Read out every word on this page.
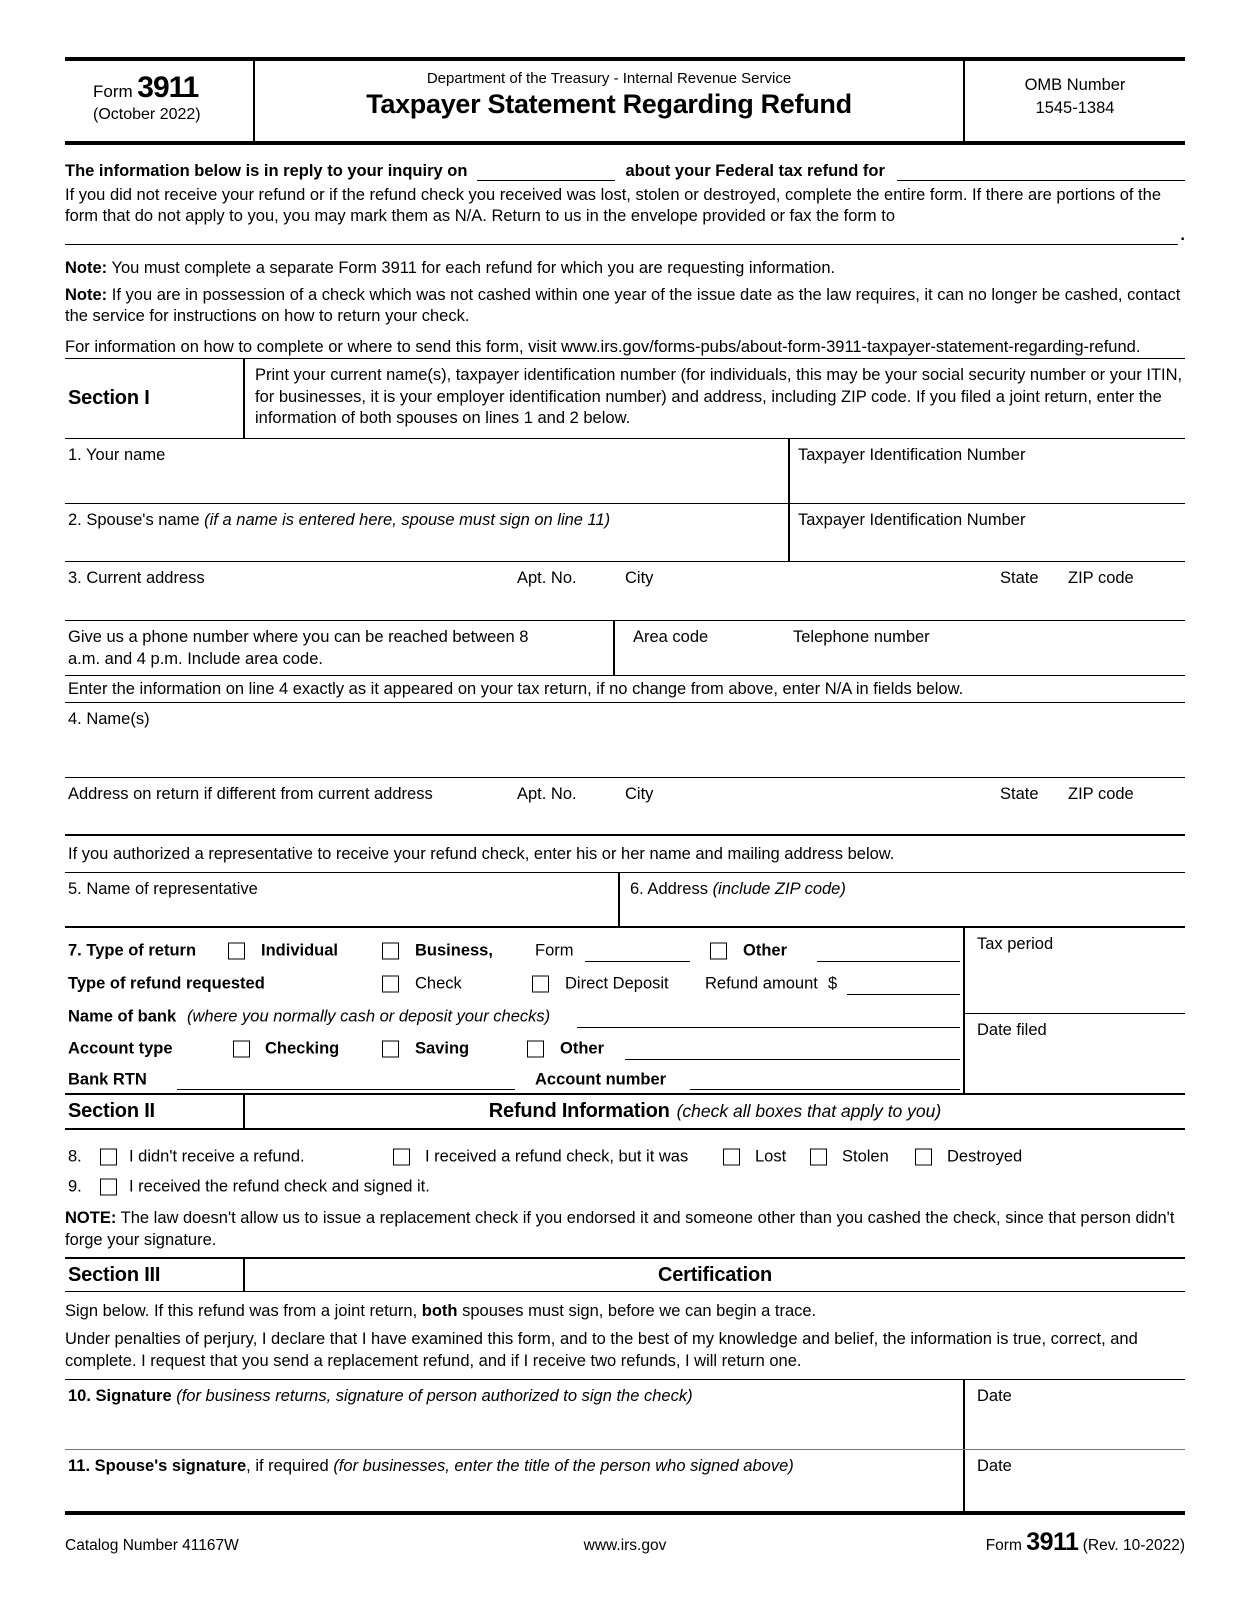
Form 3911
(October 2022)
Department of the Treasury - Internal Revenue Service
Taxpayer Statement Regarding Refund
OMB Number
1545-1384
The information below is in reply to your inquiry on	about your Federal tax refund for

If you did not receive your refund or if the refund check you received was lost, stolen or destroyed, complete the entire form. If there are portions of the form that do not apply to you, you may mark them as N/A. Return to us in the envelope provided or fax the form to

.

Note: You must complete a separate Form 3911 for each refund for which you are requesting information.

Note: If you are in possession of a check which was not cashed within one year of the issue date as the law requires, it can no longer be cashed, contact the service for instructions on how to return your check.

For information on how to complete or where to send this form, visit www.irs.gov/forms-pubs/about-form-3911-taxpayer-statement-regarding-refund.

Section I
Print your current name(s), taxpayer identification number (for individuals, this may be your social security number or your ITIN, for businesses, it is your employer identification number) and address, including ZIP code. If you filed a joint return, enter the information of both spouses on lines 1 and 2 below.
1. Your name	Taxpayer Identification Number
2. Spouse's name (if a name is entered here, spouse must sign on line 11)	Taxpayer Identification Number
3. Current address	Apt. No.	City	State ZIP code
Give us a phone number where you can be reached between 8 a.m. and 4 p.m. Include area code.
Area code	Telephone number
Enter the information on line 4 exactly as it appeared on your tax return, if no change from above, enter N/A in fields below.
4. Name(s)
Address on return if different from current address	Apt. No.	City	State ZIP code
If you authorized a representative to receive your refund check, enter his or her name and mailing address below.
5. Name of representative	6. Address (include ZIP code)
7. Type of return	Individual	Business,	Form	Other
Type of refund requested	Check	Direct Deposit Refund amount $
Name of bank (where you normally cash or deposit your checks)
Account type	Checking	Saving	Other
Bank RTN	Account number
Tax period
Date filed
Section II	Refund Information (check all boxes that apply to you)
8.	I didn't receive a refund.	I received a refund check, but it was	Lost	Stolen	Destroyed
9.	I received the refund check and signed it.

NOTE: The law doesn't allow us to issue a replacement check if you endorsed it and someone other than you cashed the check, since that person didn't forge your signature.

Section III	Certification
Sign below. If this refund was from a joint return, both spouses must sign, before we can begin a trace.

Under penalties of perjury, I declare that I have examined this form, and to the best of my knowledge and belief, the information is true, correct, and complete. I request that you send a replacement refund, and if I receive two refunds, I will return one.

10. Signature (for business returns, signature of person authorized to sign the check)	Date
11. Spouse's signature, if required (for businesses, enter the title of the person who signed above)	Date
Catalog Number 41167W	www.irs.gov	Form 3911 (Rev. 10-2022)
